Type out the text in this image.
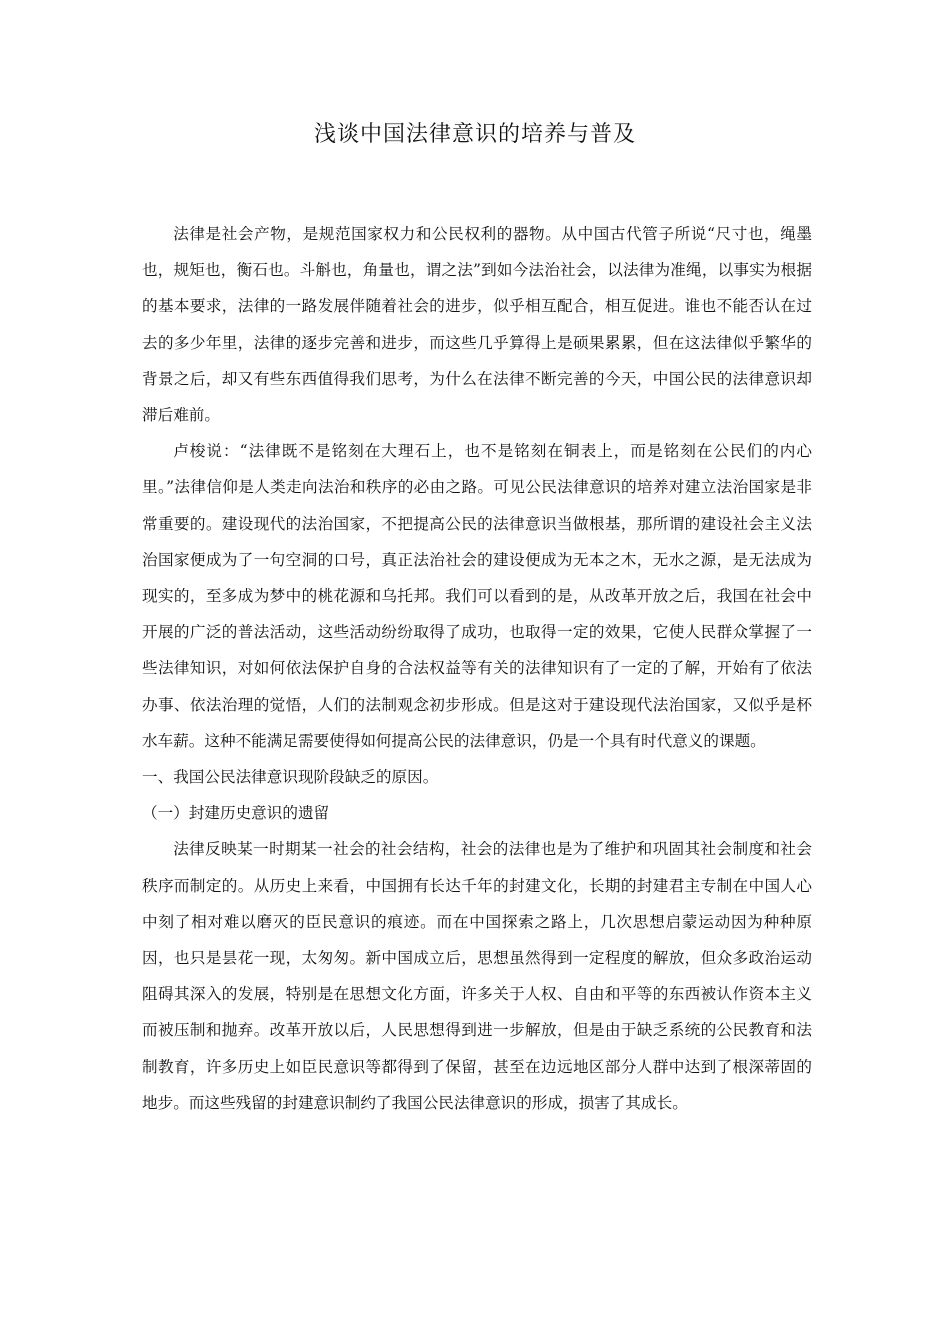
浅谈中国法律意识的培养与普及

法律是社会产物，是规范国家权力和公民权利的器物。从中国古代管子所说“尺寸也，绳墨也，规矩也，衡石也。斗斛也，角量也，谓之法”到如今法治社会，以法律为准绳，以事实为根据的基本要求，法律的一路发展伴随着社会的进步，似乎相互配合，相互促进。谁也不能否认在过去的多少年里，法律的逐步完善和进步，而这些几乎算得上是硕果累累，但在这法律似乎繁华的背景之后，却又有些东西值得我们思考，为什么在法律不断完善的今天，中国公民的法律意识却滞后难前。

卢梭说：“法律既不是铭刻在大理石上，也不是铭刻在铜表上，而是铭刻在公民们的内心里。”法律信仰是人类走向法治和秩序的必由之路。可见公民法律意识的培养对建立法治国家是非常重要的。建设现代的法治国家，不把提高公民的法律意识当做根基，那所谓的建设社会主义法治国家便成为了一句空洞的口号，真正法治社会的建设便成为无本之木，无水之源，是无法成为现实的，至多成为梦中的桃花源和乌托邦。我们可以看到的是，从改革开放之后，我国在社会中开展的广泛的普法活动，这些活动纷纷取得了成功，也取得一定的效果，它使人民群众掌握了一些法律知识，对如何依法保护自身的合法权益等有关的法律知识有了一定的了解，开始有了依法办事、依法治理的觉悟，人们的法制观念初步形成。但是这对于建设现代法治国家，又似乎是杯水车薪。这种不能满足需要使得如何提高公民的法律意识，仍是一个具有时代意义的课题。

一、我国公民法律意识现阶段缺乏的原因。

（一）封建历史意识的遗留

法律反映某一时期某一社会的社会结构，社会的法律也是为了维护和巩固其社会制度和社会秩序而制定的。从历史上来看，中国拥有长达千年的封建文化，长期的封建君主专制在中国人心中刻了相对难以磨灭的臣民意识的痕迹。而在中国探索之路上，几次思想启蒙运动因为种种原因，也只是昙花一现，太匆匆。新中国成立后，思想虽然得到一定程度的解放，但众多政治运动阻碍其深入的发展，特别是在思想文化方面，许多关于人权、自由和平等的东西被认作资本主义而被压制和抛弃。改革开放以后，人民思想得到进一步解放，但是由于缺乏系统的公民教育和法制教育，许多历史上如臣民意识等都得到了保留，甚至在边远地区部分人群中达到了根深蒂固的地步。而这些残留的封建意识制约了我国公民法律意识的形成，损害了其成长。
